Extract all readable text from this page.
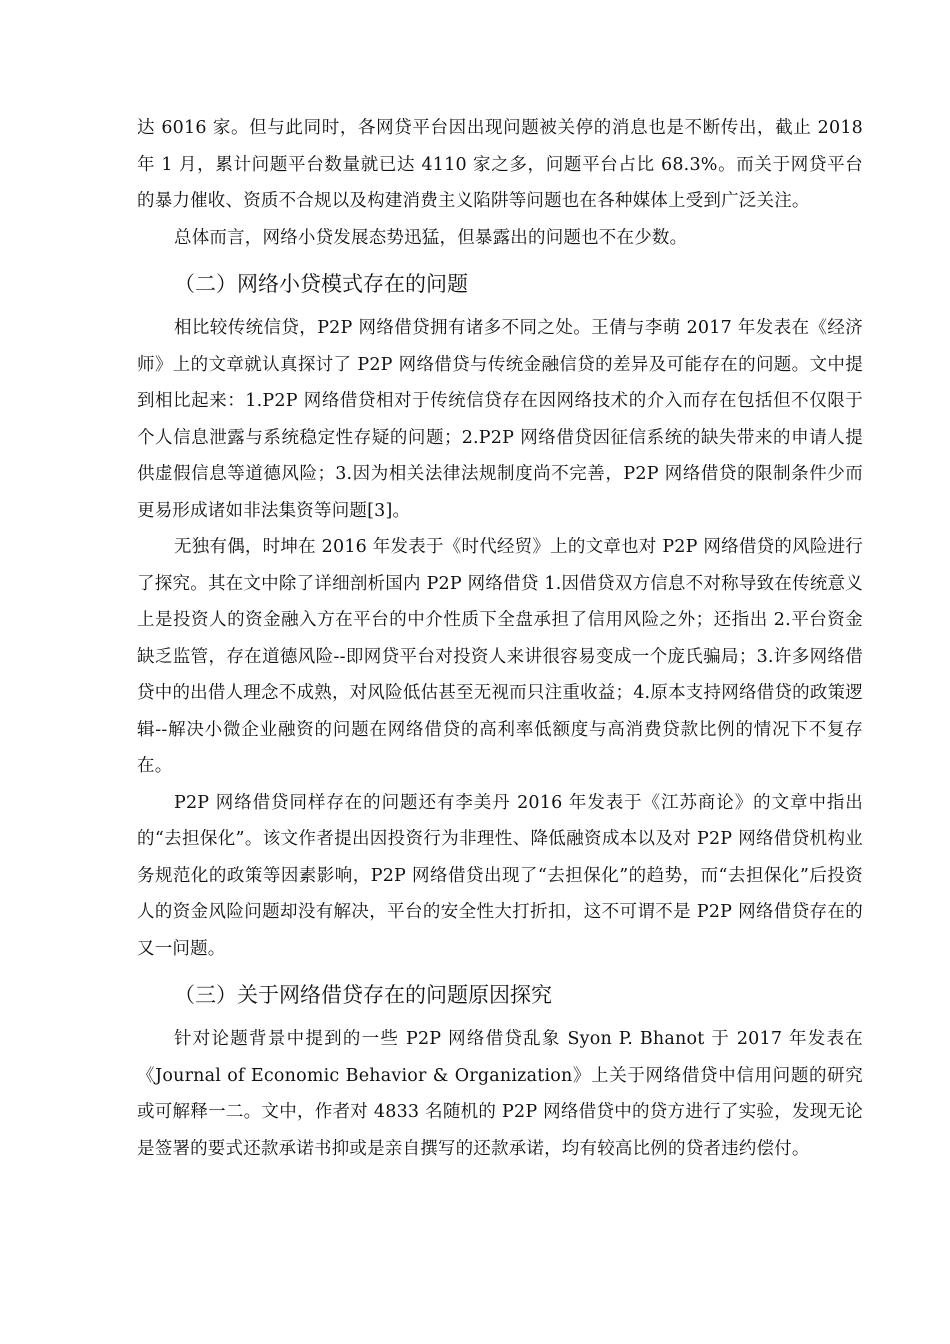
达 6016 家。但与此同时，各网贷平台因出现问题被关停的消息也是不断传出，截止 2018 年 1 月，累计问题平台数量就已达 4110 家之多，问题平台占比 68.3%。而关于网贷平台的暴力催收、资质不合规以及构建消费主义陷阱等问题也在各种媒体上受到广泛关注。

总体而言，网络小贷发展态势迅猛，但暴露出的问题也不在少数。

（二）网络小贷模式存在的问题

相比较传统信贷，P2P 网络借贷拥有诸多不同之处。王倩与李萌 2017 年发表在《经济师》上的文章就认真探讨了 P2P 网络借贷与传统金融信贷的差异及可能存在的问题。文中提到相比起来：1.P2P 网络借贷相对于传统信贷存在因网络技术的介入而存在包括但不仅限于个人信息泄露与系统稳定性存疑的问题；2.P2P 网络借贷因征信系统的缺失带来的申请人提供虚假信息等道德风险；3.因为相关法律法规制度尚不完善，P2P 网络借贷的限制条件少而更易形成诸如非法集资等问题[3]。

无独有偶，时坤在 2016 年发表于《时代经贸》上的文章也对 P2P 网络借贷的风险进行了探究。其在文中除了详细剖析国内 P2P 网络借贷 1.因借贷双方信息不对称导致在传统意义上是投资人的资金融入方在平台的中介性质下全盘承担了信用风险之外；还指出 2.平台资金缺乏监管，存在道德风险--即网贷平台对投资人来讲很容易变成一个庞氏骗局；3.许多网络借贷中的出借人理念不成熟，对风险低估甚至无视而只注重收益；4.原本支持网络借贷的政策逻辑--解决小微企业融资的问题在网络借贷的高利率低额度与高消费贷款比例的情况下不复存在。

P2P 网络借贷同样存在的问题还有李美丹 2016 年发表于《江苏商论》的文章中指出的“去担保化”。该文作者提出因投资行为非理性、降低融资成本以及对 P2P 网络借贷机构业务规范化的政策等因素影响，P2P 网络借贷出现了“去担保化”的趋势，而“去担保化”后投资人的资金风险问题却没有解决，平台的安全性大打折扣，这不可谓不是 P2P 网络借贷存在的又一问题。

（三）关于网络借贷存在的问题原因探究

针对论题背景中提到的一些 P2P 网络借贷乱象 Syon P. Bhanot 于 2017 年发表在《Journal of Economic Behavior & Organization》上关于网络借贷中信用问题的研究或可解释一二。文中，作者对 4833 名随机的 P2P 网络借贷中的贷方进行了实验，发现无论是签署的要式还款承诺书抑或是亲自撰写的还款承诺，均有较高比例的贷者违约偿付。
